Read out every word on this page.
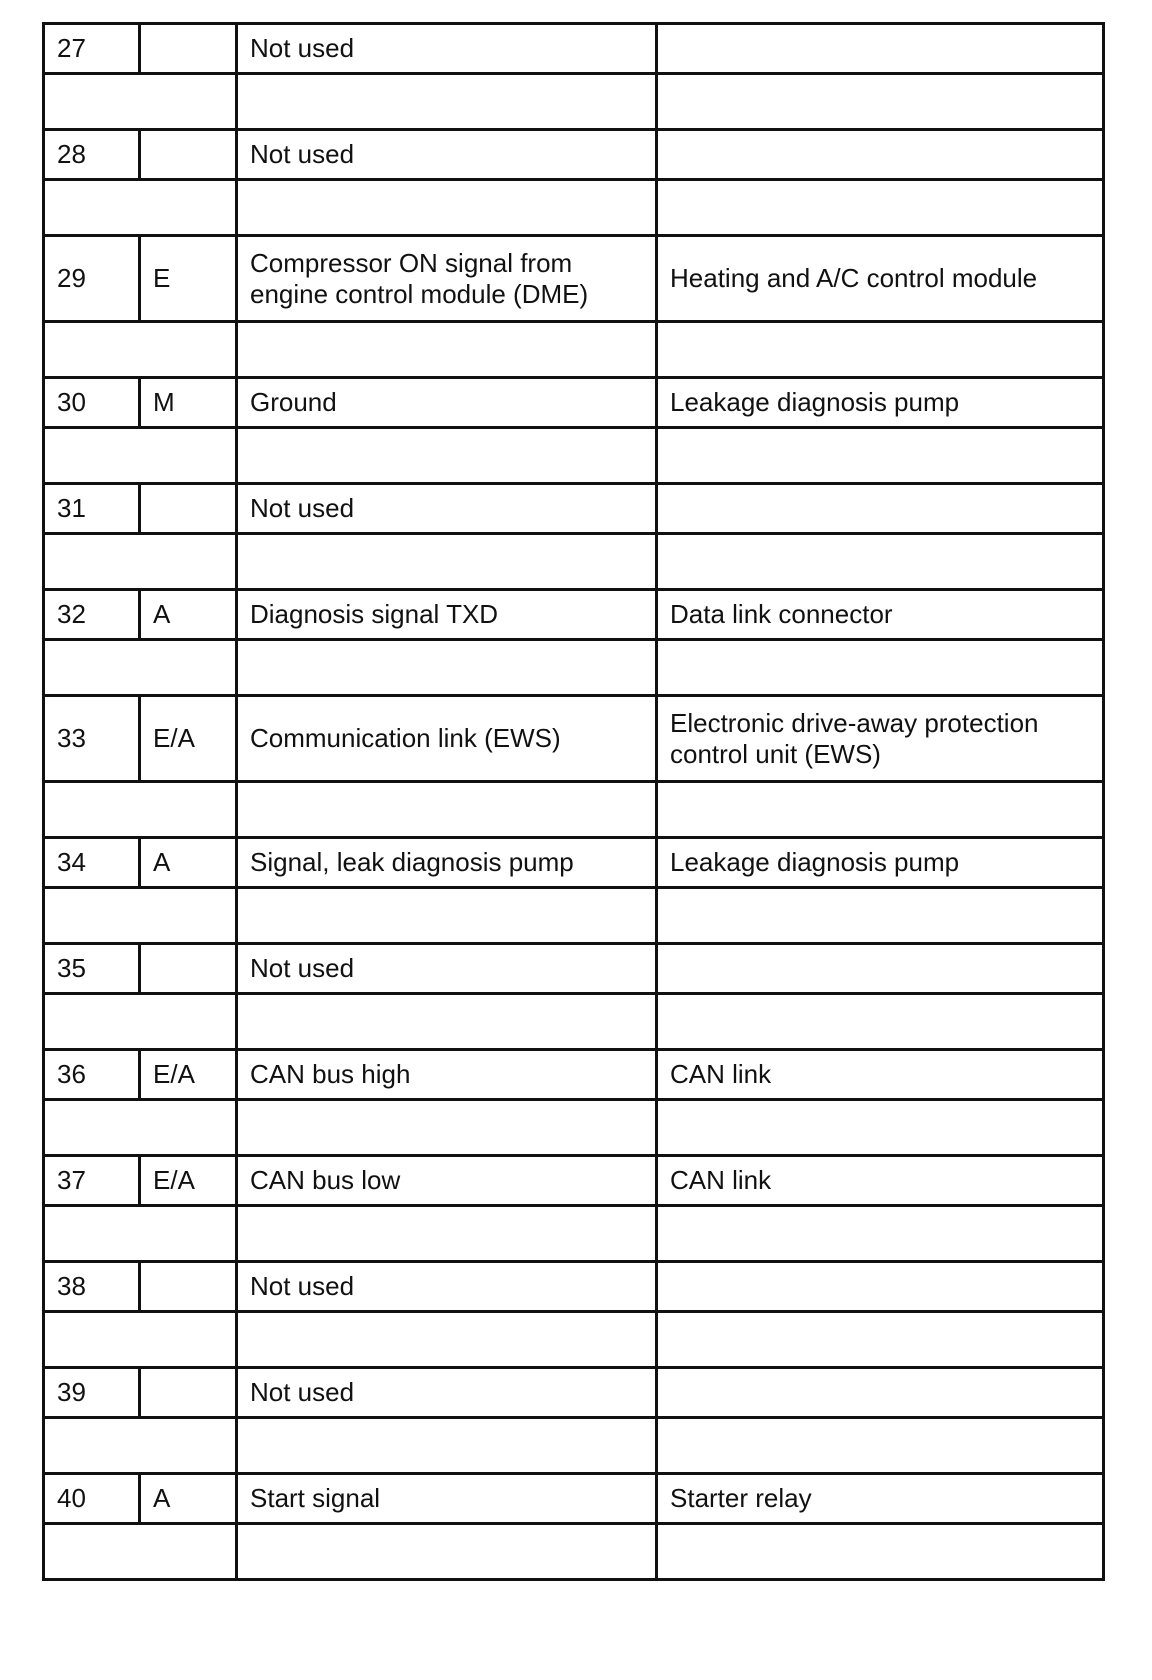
27		Not used	

28		Not used	

29	E	Compressor ON signal from engine control module (DME)	Heating and A/C control module

30	M	Ground	Leakage diagnosis pump

31		Not used	

32	A	Diagnosis signal TXD	Data link connector

33	E/A	Communication link (EWS)	Electronic drive-away protection control unit (EWS)

34	A	Signal, leak diagnosis pump	Leakage diagnosis pump

35		Not used	

36	E/A	CAN bus high	CAN link

37	E/A	CAN bus low	CAN link

38		Not used	

39		Not used	

40	A	Start signal	Starter relay
